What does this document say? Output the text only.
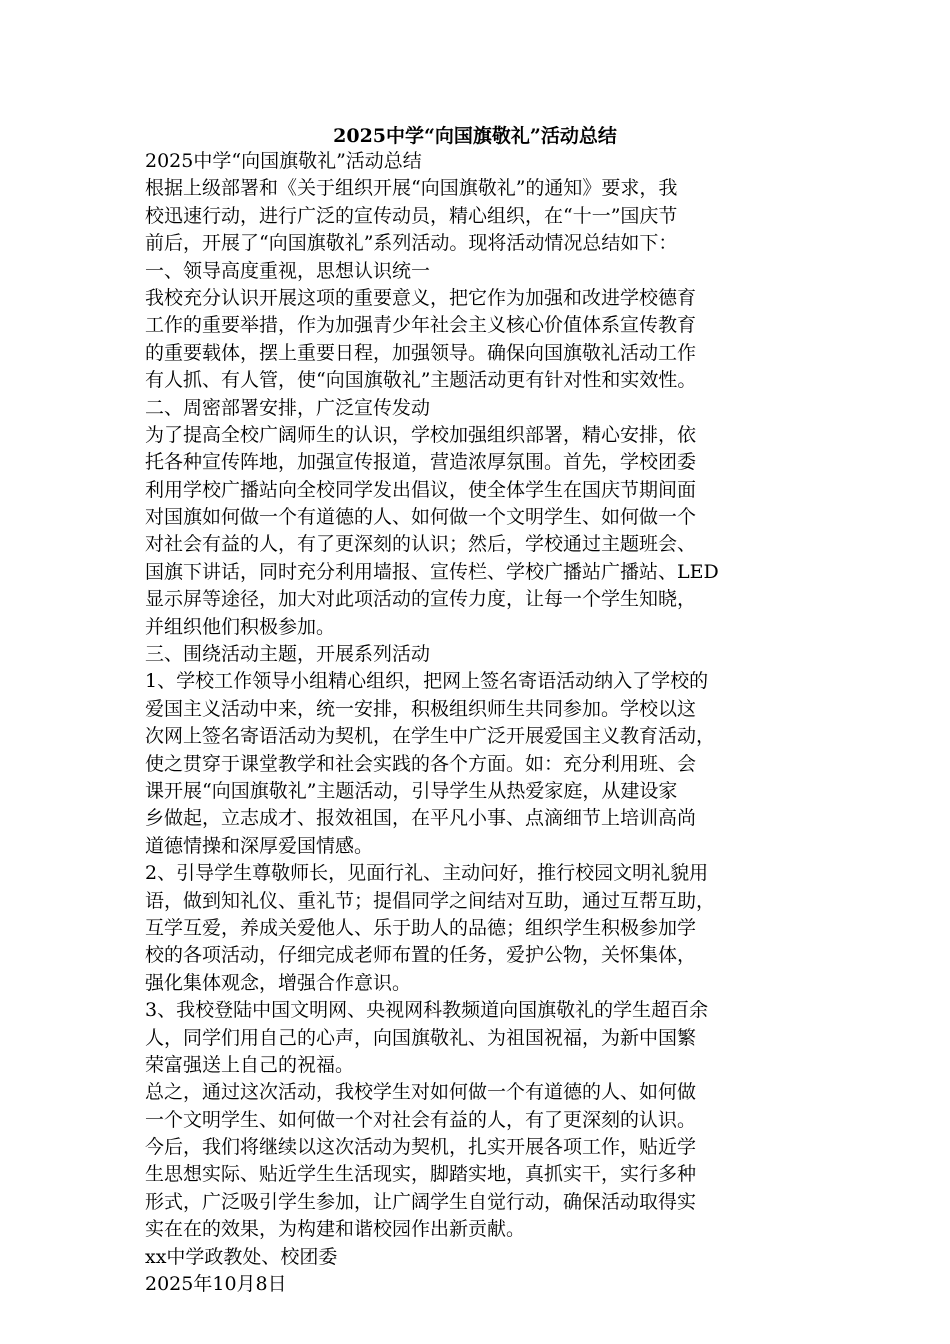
2025中学“向国旗敬礼”活动总结
2025中学“向国旗敬礼”活动总结
根据上级部署和《关于组织开展“向国旗敬礼”的通知》要求，我
校迅速行动，进行广泛的宣传动员，精心组织，在“十一”国庆节
前后，开展了“向国旗敬礼”系列活动。现将活动情况总结如下：
一、领导高度重视，思想认识统一
我校充分认识开展这项的重要意义，把它作为加强和改进学校德育
工作的重要举措，作为加强青少年社会主义核心价值体系宣传教育
的重要载体，摆上重要日程，加强领导。确保向国旗敬礼活动工作
有人抓、有人管，使“向国旗敬礼”主题活动更有针对性和实效性。
二、周密部署安排，广泛宣传发动
为了提高全校广阔师生的认识，学校加强组织部署，精心安排，依
托各种宣传阵地，加强宣传报道，营造浓厚氛围。首先，学校团委
利用学校广播站向全校同学发出倡议，使全体学生在国庆节期间面
对国旗如何做一个有道德的人、如何做一个文明学生、如何做一个
对社会有益的人，有了更深刻的认识；然后，学校通过主题班会、
国旗下讲话，同时充分利用墙报、宣传栏、学校广播站广播站、LED
显示屏等途径，加大对此项活动的宣传力度，让每一个学生知晓，
并组织他们积极参加。
三、围绕活动主题，开展系列活动
1、学校工作领导小组精心组织，把网上签名寄语活动纳入了学校的
爱国主义活动中来，统一安排，积极组织师生共同参加。学校以这
次网上签名寄语活动为契机，在学生中广泛开展爱国主义教育活动，
使之贯穿于课堂教学和社会实践的各个方面。如：充分利用班、会
课开展“向国旗敬礼”主题活动，引导学生从热爱家庭，从建设家
乡做起，立志成才、报效祖国，在平凡小事、点滴细节上培训高尚
道德情操和深厚爱国情感。
2、引导学生尊敬师长，见面行礼、主动问好，推行校园文明礼貌用
语，做到知礼仪、重礼节；提倡同学之间结对互助，通过互帮互助，
互学互爱，养成关爱他人、乐于助人的品德；组织学生积极参加学
校的各项活动，仔细完成老师布置的任务，爱护公物，关怀集体，
强化集体观念，增强合作意识。
3、我校登陆中国文明网、央视网科教频道向国旗敬礼的学生超百余
人，同学们用自己的心声，向国旗敬礼、为祖国祝福，为新中国繁
荣富强送上自己的祝福。
总之，通过这次活动，我校学生对如何做一个有道德的人、如何做
一个文明学生、如何做一个对社会有益的人，有了更深刻的认识。
今后，我们将继续以这次活动为契机，扎实开展各项工作，贴近学
生思想实际、贴近学生生活现实，脚踏实地，真抓实干，实行多种
形式，广泛吸引学生参加，让广阔学生自觉行动，确保活动取得实
实在在的效果，为构建和谐校园作出新贡献。
xx中学政教处、校团委
2025年10月8日
